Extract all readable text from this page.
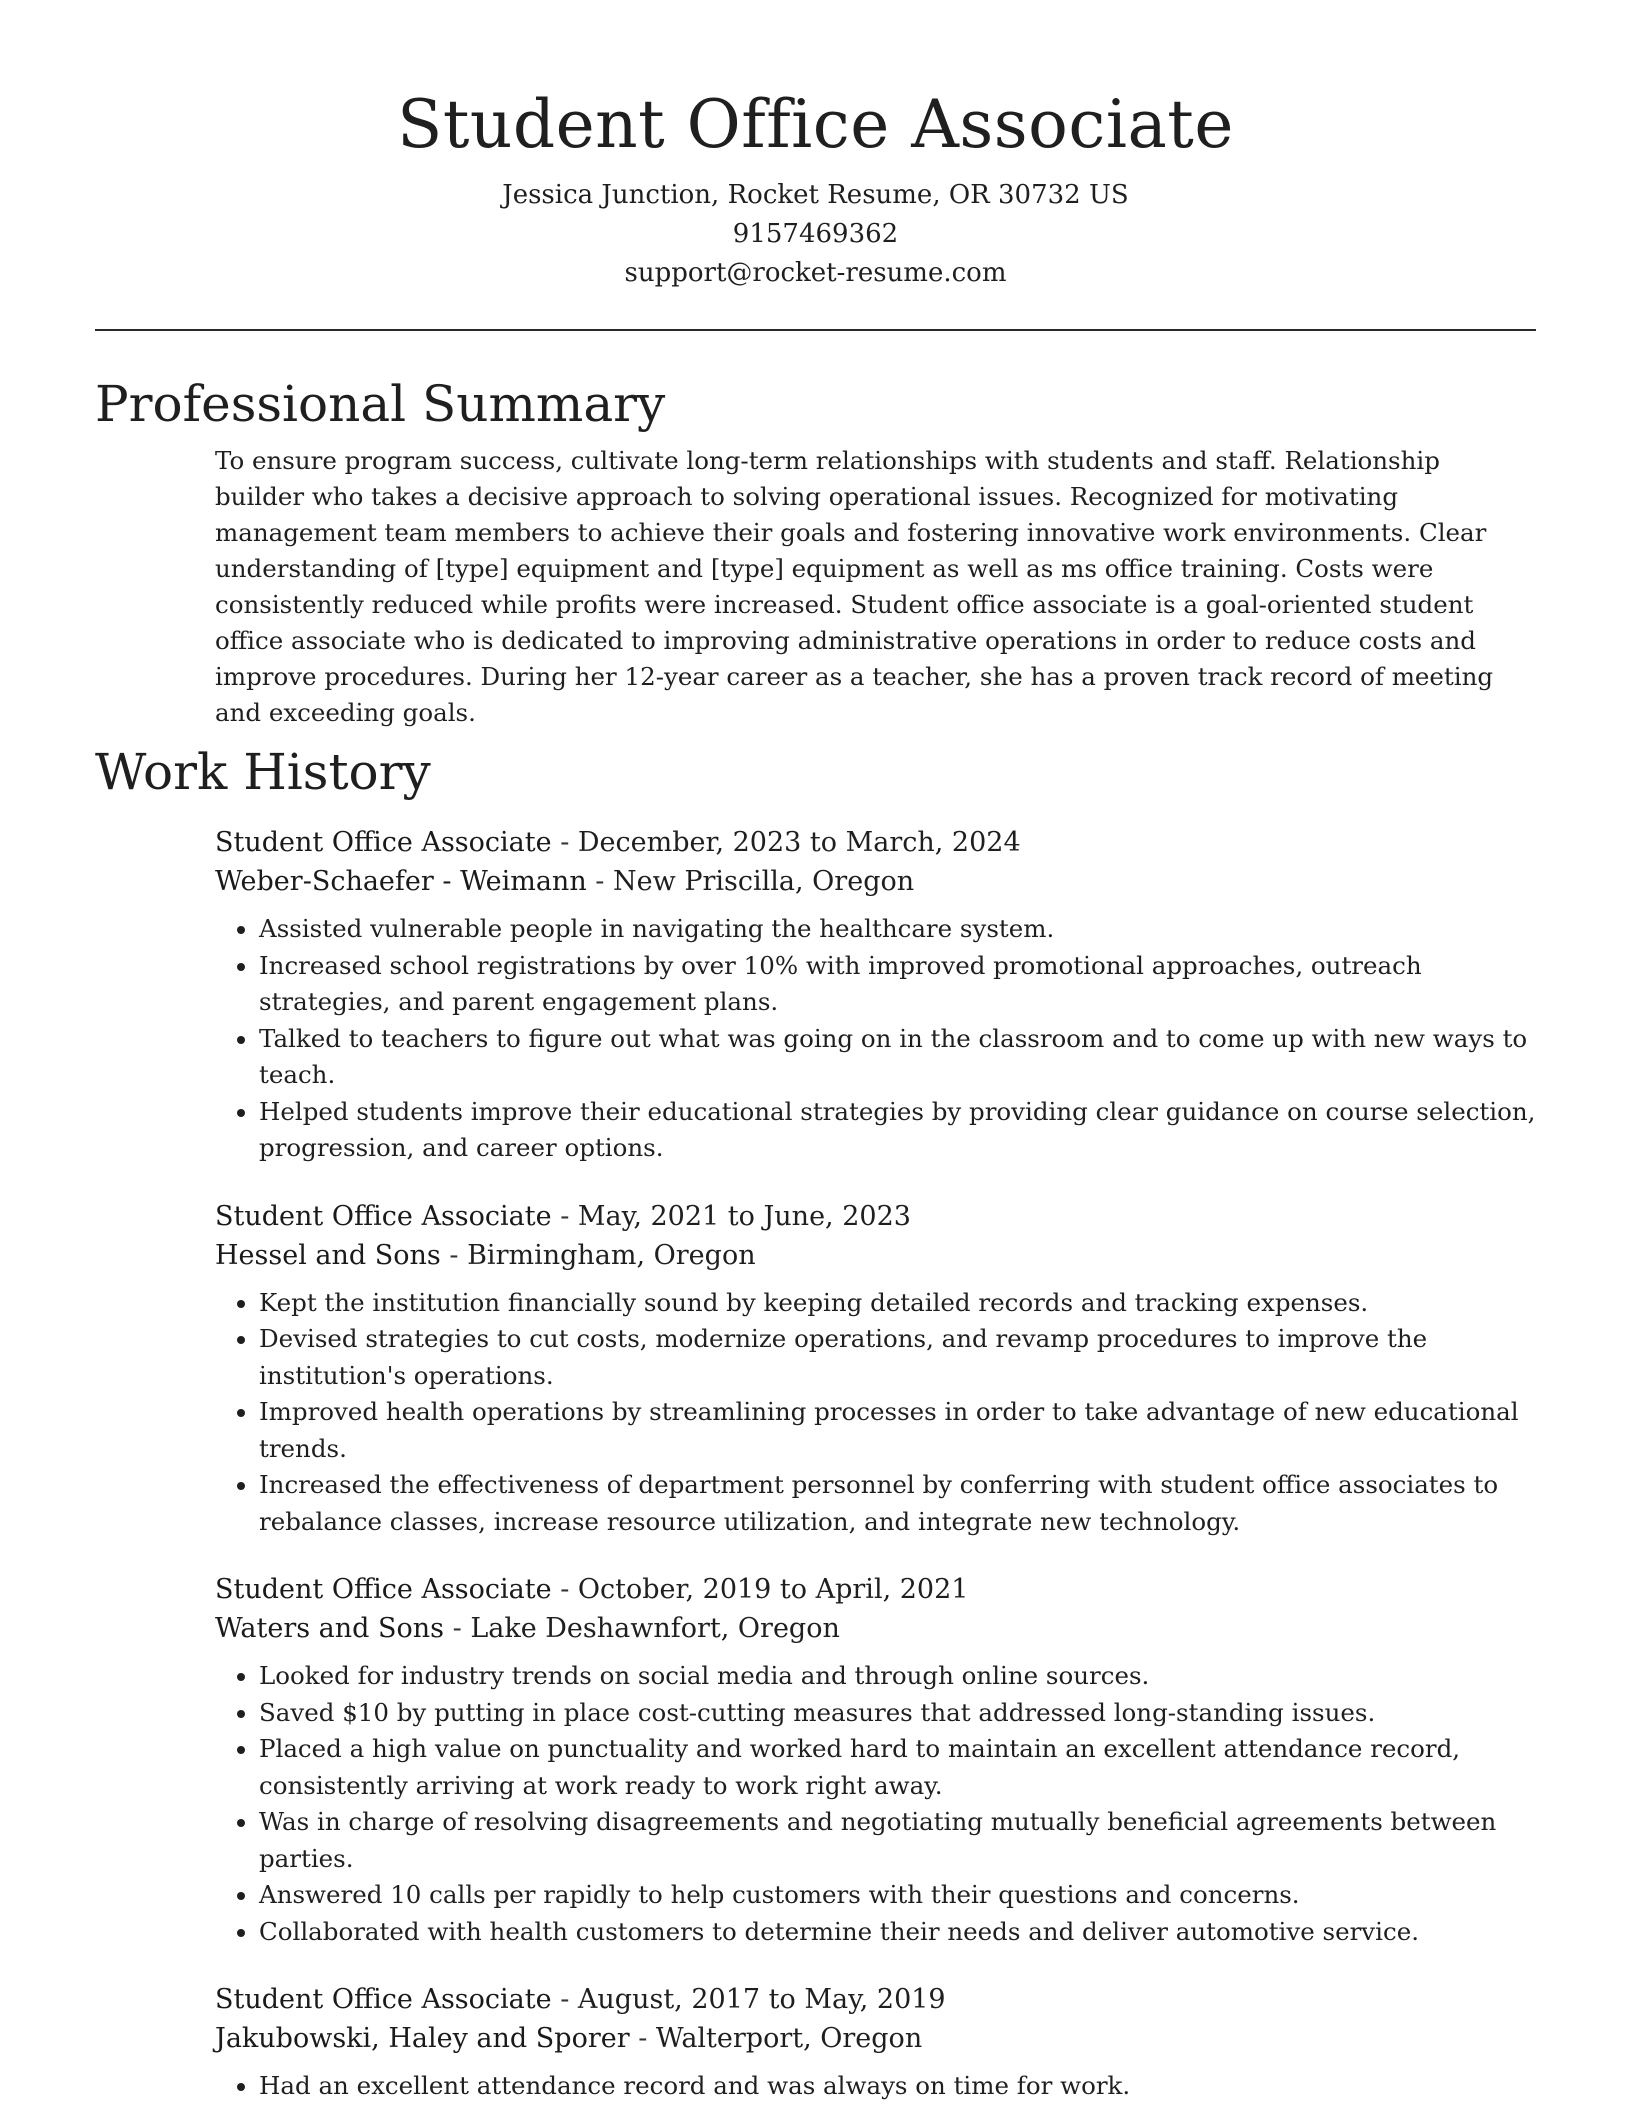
Student Office Associate

Jessica Junction, Rocket Resume, OR 30732 US

9157469362

support@rocket-resume.com

Professional Summary

To ensure program success, cultivate long-term relationships with students and staff. Relationship builder who takes a decisive approach to solving operational issues. Recognized for motivating management team members to achieve their goals and fostering innovative work environments. Clear understanding of [type] equipment and [type] equipment as well as ms office training. Costs were consistently reduced while profits were increased. Student office associate is a goal-oriented student office associate who is dedicated to improving administrative operations in order to reduce costs and improve procedures. During her 12-year career as a teacher, she has a proven track record of meeting and exceeding goals.

Work History

Student Office Associate - December, 2023 to March, 2024

Weber-Schaefer - Weimann - New Priscilla, Oregon

• Assisted vulnerable people in navigating the healthcare system.
• Increased school registrations by over 10% with improved promotional approaches, outreach strategies, and parent engagement plans.
• Talked to teachers to figure out what was going on in the classroom and to come up with new ways to teach.
• Helped students improve their educational strategies by providing clear guidance on course selection, progression, and career options.

Student Office Associate - May, 2021 to June, 2023

Hessel and Sons - Birmingham, Oregon

• Kept the institution financially sound by keeping detailed records and tracking expenses.
• Devised strategies to cut costs, modernize operations, and revamp procedures to improve the institution's operations.
• Improved health operations by streamlining processes in order to take advantage of new educational trends.
• Increased the effectiveness of department personnel by conferring with student office associates to rebalance classes, increase resource utilization, and integrate new technology.

Student Office Associate - October, 2019 to April, 2021

Waters and Sons - Lake Deshawnfort, Oregon

• Looked for industry trends on social media and through online sources.
• Saved $10 by putting in place cost-cutting measures that addressed long-standing issues.
• Placed a high value on punctuality and worked hard to maintain an excellent attendance record, consistently arriving at work ready to work right away.
• Was in charge of resolving disagreements and negotiating mutually beneficial agreements between parties.
• Answered 10 calls per rapidly to help customers with their questions and concerns.
• Collaborated with health customers to determine their needs and deliver automotive service.

Student Office Associate - August, 2017 to May, 2019

Jakubowski, Haley and Sporer - Walterport, Oregon

• Had an excellent attendance record and was always on time for work.
